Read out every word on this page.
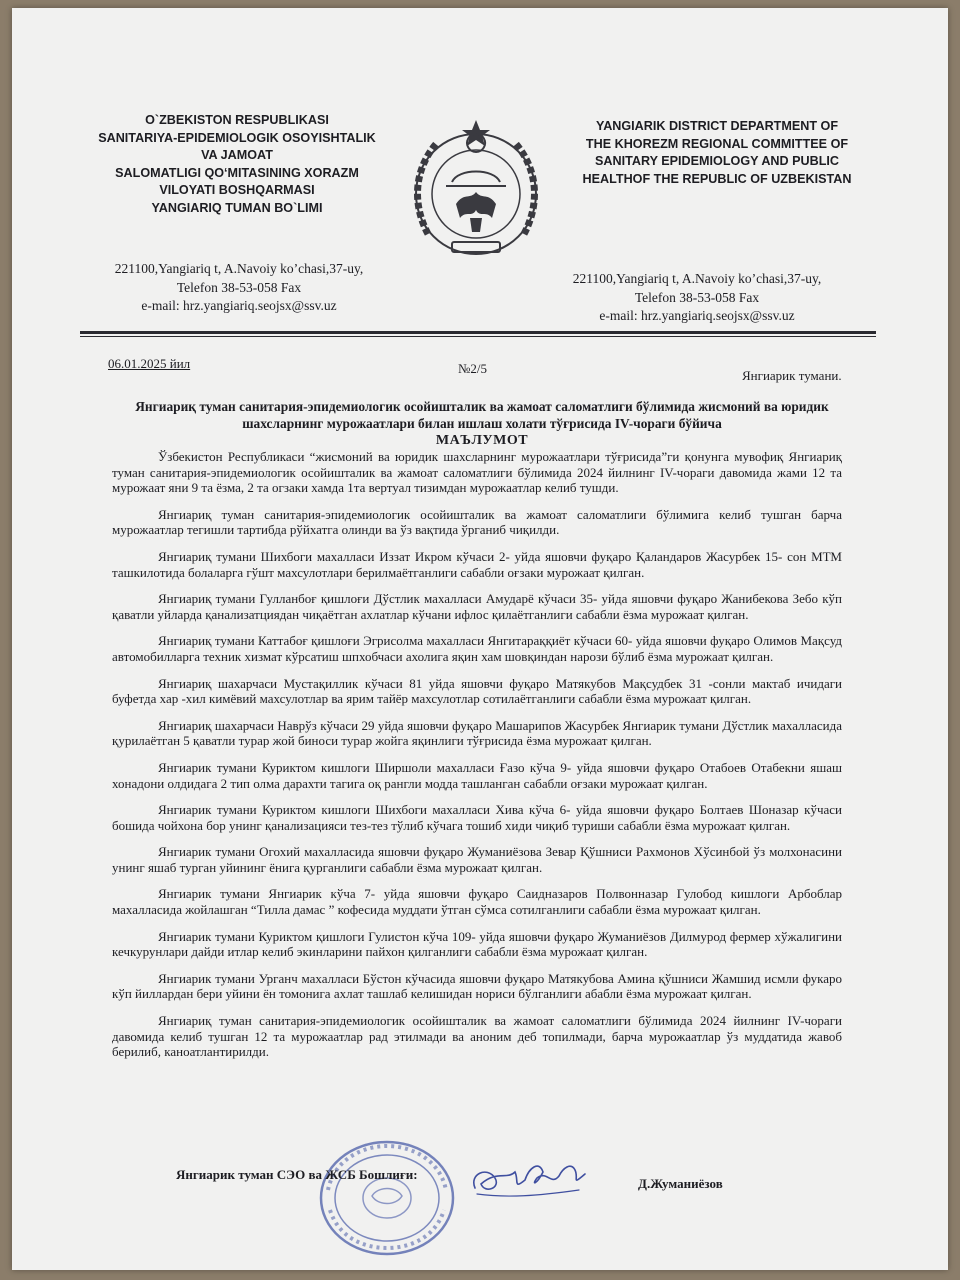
O`ZBEKISTON RESPUBLIKASI
SANITARIYA-EPIDEMIOLOGIK OSOYISHTALIK
VA JAMOAT
SALOMATLIGI QO‘MITASINING XORAZM
VILOYATI BOSHQARMASI
YANGIARIQ TUMAN BO`LIMI
YANGIARIK DISTRICT DEPARTMENT OF
THE KHOREZM REGIONAL COMMITTEE OF
SANITARY EPIDEMIOLOGY AND PUBLIC
HEALTHOF THE REPUBLIC OF UZBEKISTAN
221100,Yangiariq t, A.Navoiy ko’chasi,37-uy,
Telefon 38-53-058 Fax
e-mail: hrz.yangiariq.seojsx@ssv.uz
221100,Yangiariq t, A.Navoiy ko’chasi,37-uy,
Telefon 38-53-058 Fax
e-mail: hrz.yangiariq.seojsx@ssv.uz
06.01.2025 йил	№2/5	Янгиарик тумани.
Янгиариқ туман санитария-эпидемиологик осойиштaлик ва жамоат саломатлиги бўлимида жисмоний ва юридик шахсларнинг мурожаатлари билан ишлаш холати тўғрисида IV-чораги бўйича
МАЪЛУМОТ

Ўзбекистон Республикаси “жисмоний ва юридик шахсларнинг мурожаатлари тўғрисида”ги қонунга мувофиқ Янгиариқ туман санитария-эпидемиологик осойиштaлик ва жамоат саломатлиги бўлимида 2024 йилнинг IV-чораги давомида жами 12 та мурожаат яни 9 та ёзма, 2 та огзаки хамда 1та вертуал тизимдан мурожаатлар келиб тушди.

Янгиариқ туман санитария-эпидемиологик осойиштaлик ва жамоат саломатлиги бўлимига келиб тушган барча мурожаатлар тегишли тартибда рўйхатга олинди ва ўз вақтида ўрганиб чиқилди.

Янгиариқ тумани Шихбоги махалласи Иззат Икром кўчаси 2- уйда яшовчи фуқаро Қаландаров Жасурбек 15- сон МТМ ташкилотида болаларга гўшт махсулотлари берилмаётганлиги сабабли оғзаки мурожаат қилган.

Янгиариқ тумани Гулланбоғ қишлоғи Дўстлик махалласи Амударё кўчаси 35- уйда яшовчи фуқаро Жанибекова Зебо кўп қаватли уйларда қанализатциядан чиқаётган ахлатлар кўчани ифлос қилаётганлиги сабабли ёзма мурожаат қилган.

Янгиариқ тумани Каттабоғ қишлоғи Эгрисолма махалласи Янгитараққиёт кўчаси 60- уйда яшовчи фуқаро Олимов Мақсуд автомобилларга техник хизмат кўрсатиш шпхобчаси ахолига яқин хам шовқиндан нарози бўлиб ёзма мурожаат қилган.

Янгиариқ шахарчаси Мустақиллик кўчаси 81 уйда яшовчи фуқаро Матякубов Мақсудбек 31 -сонли мактаб ичидаги буфетда хар -хил кимёвий махсулотлар ва ярим тайёр махсулотлар сотилаётганлиги сабабли ёзма мурожаат қилган.

Янгиариқ шахарчаси Наврўз кўчаси 29 уйда яшовчи фуқаро Машарипов Жасурбек Янгиарик тумани Дўстлик махалласида қурилаётган 5 қаватли турар жой биноси турар жойга яқинлиги тўғрисида ёзма мурожаат қилган.

Янгиарик тумани Куриктом кишлоги Ширшоли махалласи Ғазо кўча 9- уйда яшовчи фуқаро Отабоев Отабекни яшаш хонадони олдидага 2 тип олма дарахти тагига оқ рангли модда ташланган сабабли оғзаки мурожаат қилган.

Янгиарик тумани Куриктом кишлоги Шихбоги махалласи Хива кўча 6- уйда яшовчи фуқаро Болтаев Шоназар кўчаси бошида чойхона бор унинг қанализацияси тез-тез тўлиб кўчага тошиб хиди чиқиб туриши сабабли ёзма мурожаат қилган.

Янгиарик тумани Огохий махалласида яшовчи фуқаро Жуманиёзова Зевар Қўшниси Рахмонов Хўсинбой ўз молхонасини унинг яшаб турган уйининг ёнига қурганлиги сабабли ёзма мурожаат қилган.

Янгиарик тумани Янгиарик кўча 7- уйда яшовчи фуқаро Саидназаров Полвонназар Гулобод кишлоги Арбоблар махалласида жойлашган “Тилла дамас ” кофесида муддати ўтган сўмса сотилганлиги сабабли ёзма мурожаат қилган.

Янгиарик тумани Куриктом қишлоги Гулистон кўча 109- уйда яшовчи фуқаро Жуманиёзов Дилмурод фермер хўжалигини кечкурунлари дайди итлар келиб экинларини пайхон қилганлиги сабабли ёзма мурожаат қилган.

Янгиарик тумани Урганч махалласи Бўстон кўчасида яшовчи фуқаро Матякубова Амина қўшниси Жамшид исмли фукаро кўп йиллардан бери уйини ён томонига ахлат ташлаб келишидан нориси бўлганлиги абабли ёзма мурожаат қилган.

Янгиариқ туман санитария-эпидемиологик осойиштaлик ва жамоат саломатлиги бўлимида 2024 йилнинг IV-чораги давомида келиб тушган 12 та мурожаатлар рад этилмади ва аноним деб топилмади, барча мурожаатлар ўз муддатида жавоб берилиб, каноатлантирилди.

Янгиарик туман СЭО ва ЖСБ Бошлиғи:
Д.Жуманиёзов
